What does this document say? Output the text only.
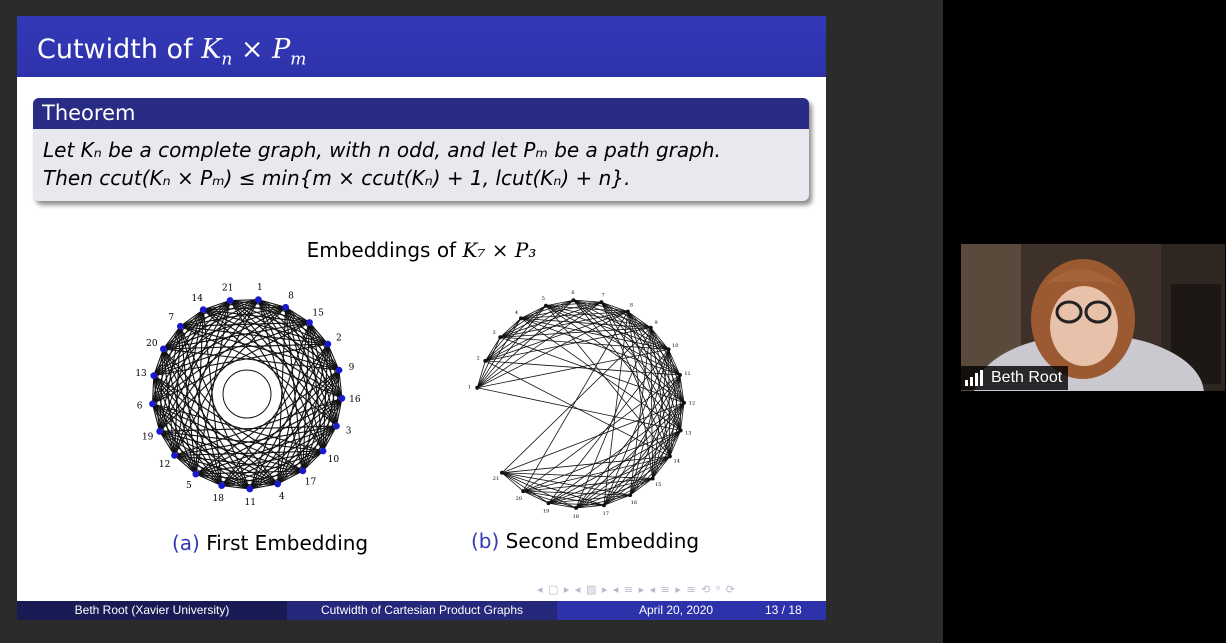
Cutwidth of $K_n \times P_m$
Theorem
Let Kₙ be a complete graph, with n odd, and let Pₘ be a path graph.
Then ccut(Kₙ × Pₘ) ≤ min{m × ccut(Kₙ) + 1, lcut(Kₙ) + n}.
Embeddings of K₇ × P₃
1
8
15
2
9
16
3
10
17
4
11
18
5
12
19
6
13
20
7
14
21
1
2
3
4
5
6	7
8
9
10
11
12
13
14
15
16
17
18
19
20
21
(a) First Embedding	(b) Second Embedding
◂ ▢ ▸ ◂ ▨ ▸ ◂ ≡ ▸ ◂ ≡ ▸ ≡ ⟲ ᵅ ⟳
Beth Root (Xavier University)	Cutwidth of Cartesian Product Graphs	April 20, 2020	13 / 18
Beth Root
